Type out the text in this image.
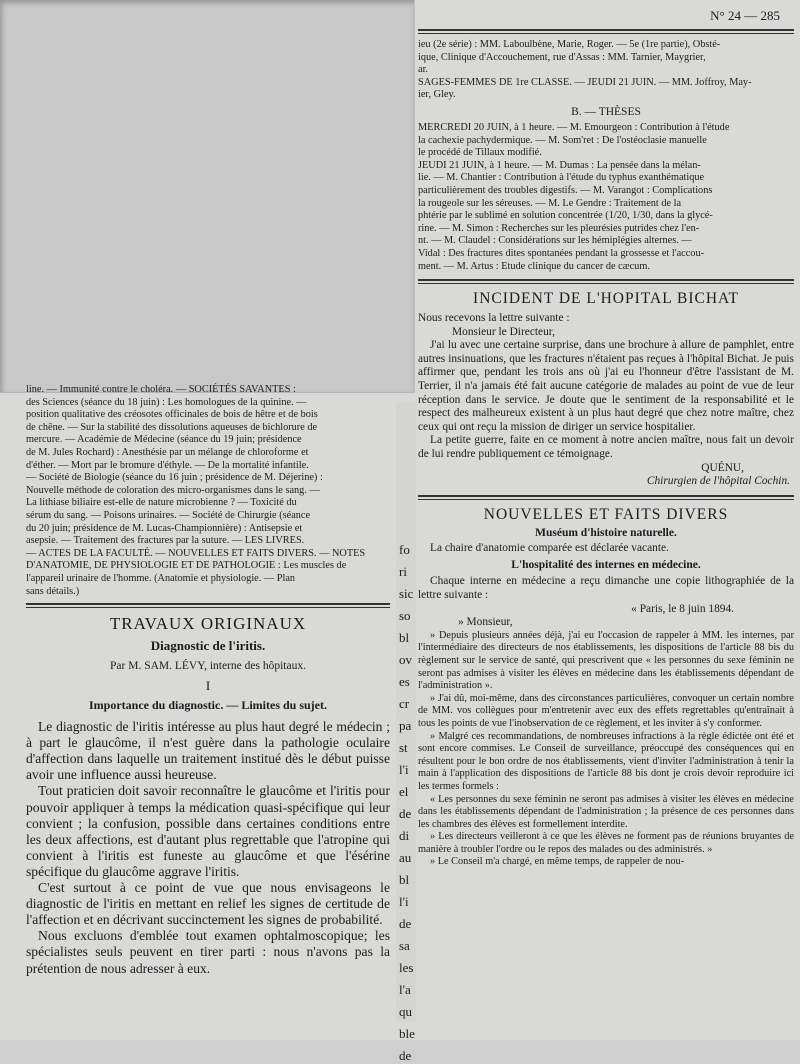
fo
ri
sic
so
bl
ov
es
cr
pa
st
l'i
el
de
di
au
bl
l'i
de
sa
les
l'a
qu
ble
de
line. — Immunité contre le choléra. — SOCIÉTÉS SAVANTES :
des Sciences (séance du 18 juin) : Les homologues de la quinine. —
position qualitative des créosotes officinales de bois de hêtre et de bois
de chêne. — Sur la stabilité des dissolutions aqueuses de bichlorure de
mercure. — Académie de Médecine (séance du 19 juin; présidence
de M. Jules Rochard) : Anesthésie par un mélange de chloroforme et
d'éther. — Mort par le bromure d'éthyle. — De la mortalité infantile.
— Société de Biologie (séance du 16 juin ; présidence de M. Déjerine) :
Nouvelle méthode de coloration des micro-organismes dans le sang. —
La lithiase biliaire est-elle de nature microbienne ? — Toxicité du
sérum du sang. — Poisons urinaires. — Société de Chirurgie (séance
du 20 juin; présidence de M. Lucas-Championnière) : Antisepsie et
asepsie. — Traitement des fractures par la suture. — LES LIVRES.
— ACTES DE LA FACULTÉ. — NOUVELLES ET FAITS DIVERS. — NOTES
D'ANATOMIE, DE PHYSIOLOGIE ET DE PATHOLOGIE : Les muscles de
l'appareil urinaire de l'homme. (Anatomie et physiologie. — Plan
sans détails.)
TRAVAUX ORIGINAUX
Diagnostic de l'iritis.
Par M. SAM. LÉVY, interne des hôpitaux.
I
Importance du diagnostic. — Limites du sujet.

Le diagnostic de l'iritis intéresse au plus haut degré le médecin ; à part le glaucôme, il n'est guère dans la pathologie oculaire d'affection dans laquelle un traitement institué dès le début puisse avoir une influence aussi heureuse.

Tout praticien doit savoir reconnaître le glaucôme et l'iritis pour pouvoir appliquer à temps la médication quasi-spécifique qui leur convient ; la confusion, possible dans certaines conditions entre les deux affections, est d'autant plus regrettable que l'atropine qui convient à l'iritis est funeste au glaucôme et que l'ésérine spécifique du glaucôme aggrave l'iritis.

C'est surtout à ce point de vue que nous envisageons le diagnostic de l'iritis en mettant en relief les signes de certitude de l'affection et en décrivant succinctement les signes de probabilité.

Nous excluons d'emblée tout examen ophtalmoscopique; les spécialistes seuls peuvent en tirer parti : nous n'avons pas la prétention de nous adresser à eux.

N° 24 — 285
ieu (2e série) : MM. Laboulbène, Marie, Roger. — 5e (1re partie), Obsté-
ique, Clinique d'Accouchement, rue d'Assas : MM. Tarnier, Maygrier,
ar.
SAGES-FEMMES DE 1re CLASSE. — JEUDI 21 JUIN. — MM. Joffroy, May-
ier, Gley.
B. — THÈSES
MERCREDI 20 JUIN, à 1 heure. — M. Emourgeon : Contribution à l'étude
la cachexie pachydermique. — M. Som'ret : De l'ostéoclasie manuelle
le procédé de Tillaux modifié.
JEUDI 21 JUIN, à 1 heure. — M. Dumas : La pensée dans la mélan-
lie. — M. Chantier : Contribution à l'étude du typhus exanthématique
particulièrement des troubles digestifs. — M. Varangot : Complications
la rougeole sur les séreuses. — M. Le Gendre : Traitement de la
phtérie par le sublimé en solution concentrée (1/20, 1/30, dans la glycé-
rine. — M. Simon : Recherches sur les pleurésies putrides chez l'en-
nt. — M. Claudel : Considérations sur les hémiplégies alternes. —
Vidal : Des fractures dites spontanées pendant la grossesse et l'accou-
ment. — M. Artus : Etude clinique du cancer de cæcum.
INCIDENT DE L'HOPITAL BICHAT

Nous recevons la lettre suivante :

Monsieur le Directeur,

J'ai lu avec une certaine surprise, dans une brochure à allure de pamphlet, entre autres insinuations, que les fractures n'étaient pas reçues à l'hôpital Bichat. Je puis affirmer que, pendant les trois ans où j'ai eu l'honneur d'être l'assistant de M. Terrier, il n'a jamais été fait aucune catégorie de malades au point de vue de leur réception dans le service. Je doute que le sentiment de la responsabilité et le respect des malheureux existent à un plus haut degré que chez notre maître, chez ceux qui ont reçu la mission de diriger un service hospitalier.

La petite guerre, faite en ce moment à notre ancien maître, nous fait un devoir de lui rendre publiquement ce témoignage.

QUÉNU,

Chirurgien de l'hôpital Cochin.

NOUVELLES ET FAITS DIVERS
Muséum d'histoire naturelle.

La chaire d'anatomie comparée est déclarée vacante.

L'hospitalité des internes en médecine.

Chaque interne en médecine a reçu dimanche une copie lithographiée de la lettre suivante :

« Paris, le 8 juin 1894.

» Monsieur,

» Depuis plusieurs années déjà, j'ai eu l'occasion de rappeler à MM. les internes, par l'intermédiaire des directeurs de nos établissements, les dispositions de l'article 88 bis du règlement sur le service de santé, qui prescrivent que « les personnes du sexe féminin ne seront pas admises à visiter les élèves en médecine dans les établissements dépendant de l'administration ».

» J'ai dû, moi-même, dans des circonstances particulières, convoquer un certain nombre de MM. vos collègues pour m'entretenir avec eux des effets regrettables qu'entraînait à tous les points de vue l'inobservation de ce règlement, et les inviter à s'y conformer.

» Malgré ces recommandations, de nombreuses infractions à la règle édictée ont été et sont encore commises. Le Conseil de surveillance, préoccupé des conséquences qui en résultent pour le bon ordre de nos établissements, vient d'inviter l'administration à tenir la main à l'application des dispositions de l'article 88 bis dont je crois devoir reproduire ici les termes formels :

« Les personnes du sexe féminin ne seront pas admises à visiter les élèves en médecine dans les établissements dépendant de l'administration ; la présence de ces personnes dans les chambres des élèves est formellement interdite.

» Les directeurs veilleront à ce que les élèves ne forment pas de réunions bruyantes de manière à troubler l'ordre ou le repos des malades ou des administrés. »

» Le Conseil m'a chargé, en même temps, de rappeler de nou-
